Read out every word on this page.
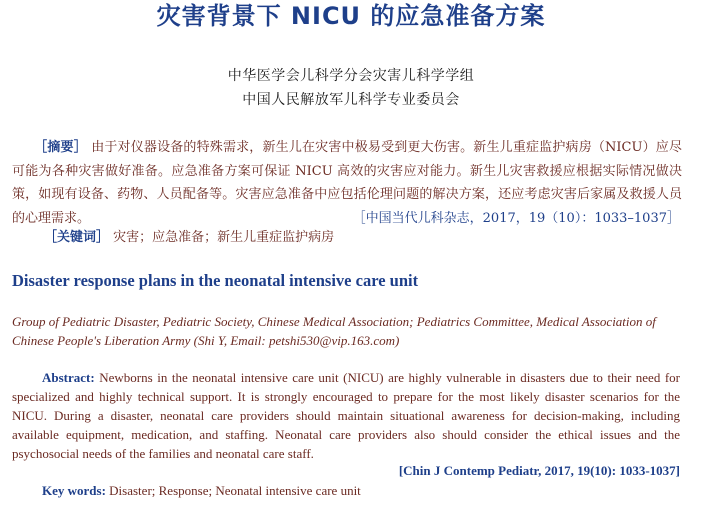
灾害背景下 NICU 的应急准备方案
中华医学会儿科学分会灾害儿科学学组
中国人民解放军儿科学专业委员会
［摘要］ 由于对仪器设备的特殊需求，新生儿在灾害中极易受到更大伤害。新生儿重症监护病房（NICU）应尽可能为各种灾害做好准备。应急准备方案可保证 NICU 高效的灾害应对能力。新生儿灾害救援应根据实际情况做决策，如现有设备、药物、人员配备等。灾害应急准备中应包括伦理问题的解决方案，还应考虑灾害后家属及救援人员的心理需求。	［中国当代儿科杂志，2017，19（10）：1033–1037］
［关键词］ 灾害；应急准备；新生儿重症监护病房
Disaster response plans in the neonatal intensive care unit
Group of Pediatric Disaster, Pediatric Society, Chinese Medical Association; Pediatrics Committee, Medical Association of Chinese People's Liberation Army (Shi Y, Email: petshi530@vip.163.com)
Abstract: Newborns in the neonatal intensive care unit (NICU) are highly vulnerable in disasters due to their need for specialized and highly technical support. It is strongly encouraged to prepare for the most likely disaster scenarios for the NICU. During a disaster, neonatal care providers should maintain situational awareness for decision-making, including available equipment, medication, and staffing. Neonatal care providers also should consider the ethical issues and the psychosocial needs of the families and neonatal care staff.
[Chin J Contemp Pediatr, 2017, 19(10): 1033-1037]
Key words: Disaster; Response; Neonatal intensive care unit
